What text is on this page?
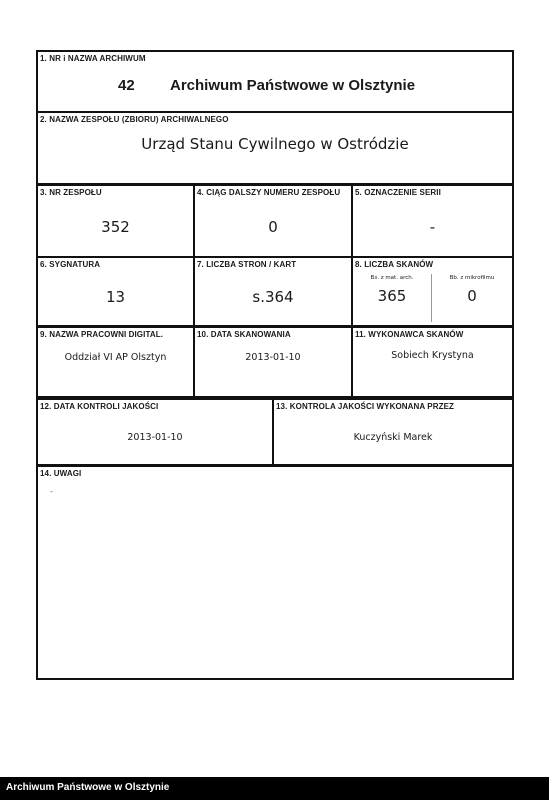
1. NR i NAZWA ARCHIWUM
42 Archiwum Państwowe w Olsztynie
2. NAZWA ZESPOŁU (ZBIORU) ARCHIWALNEGO
Urząd Stanu Cywilnego w Ostródzie
3. NR ZESPOŁU
352
4. CIĄG DALSZY NUMERU ZESPOŁU
0
5. OZNACZENIE SERII
-
6. SYGNATURA
13
7. LICZBA STRON / KART
s.364
8. LICZBA SKANÓW
Bз. z mat. arch.	Bb. z mikrofilmu
365	0
9. NAZWA PRACOWNI DIGITAL.
Oddział VI AP Olsztyn
10. DATA SKANOWANIA
2013-01-10
11. WYKONAWCA SKANÓW
Sobiech Krystyna
12. DATA KONTROLI JAKOŚCI
2013-01-10
13. KONTROLA JAKOŚCI WYKONANA PRZEZ
Kuczyński Marek
14. UWAGI
-
Archiwum Państwowe w Olsztynie
